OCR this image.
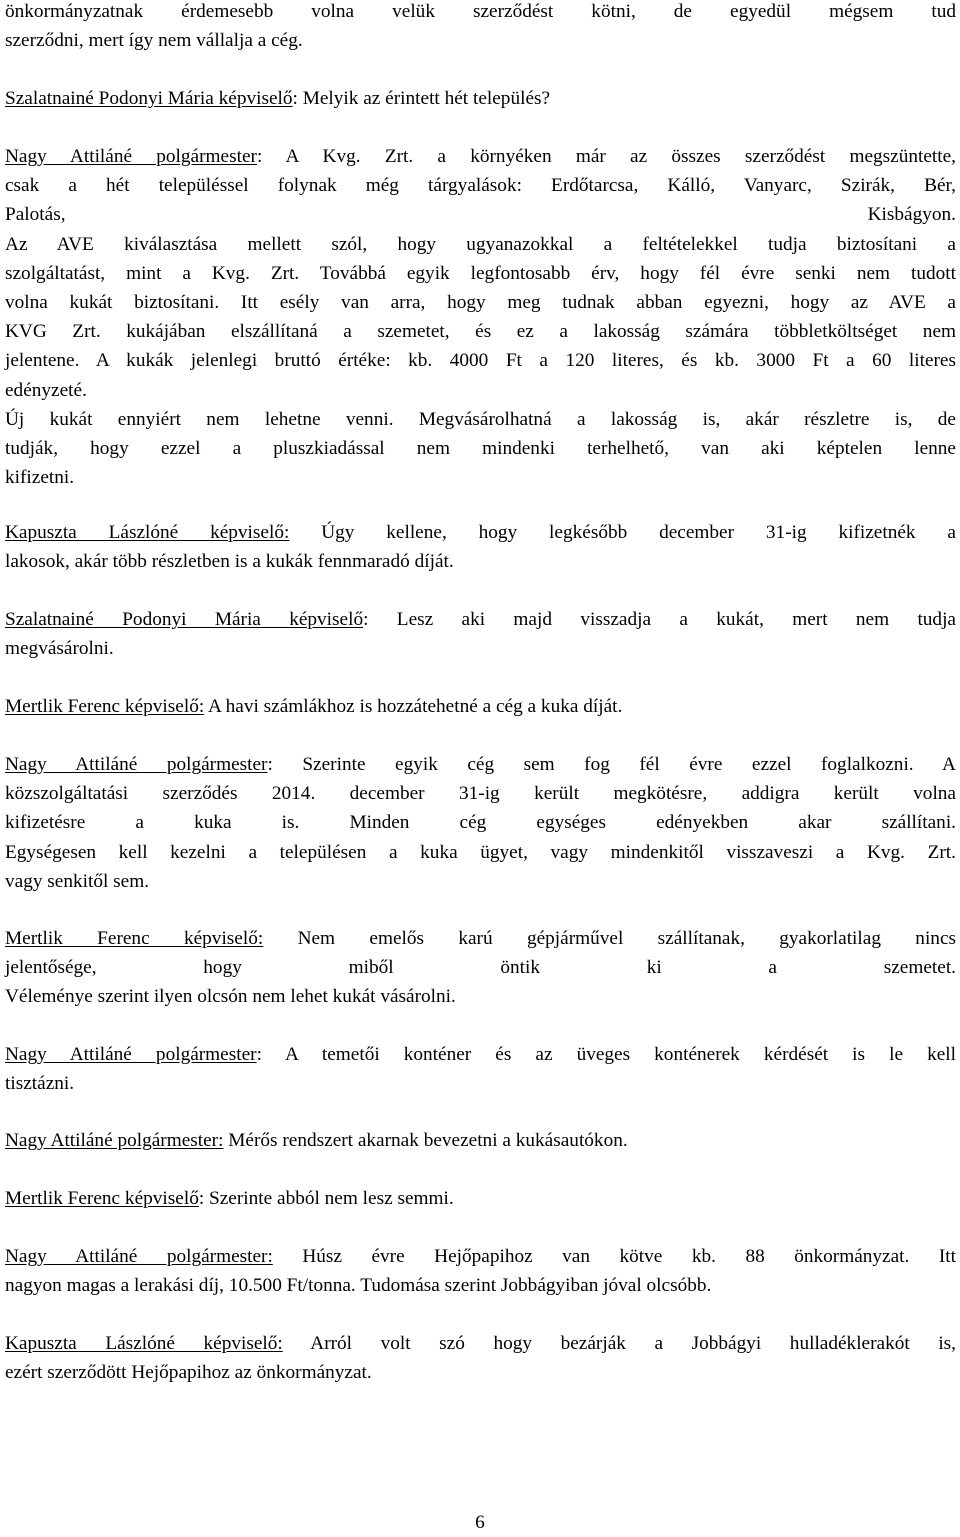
önkormányzatnak érdemesebb volna velük szerződést kötni, de egyedül mégsem tud
szerződni, mert így nem vállalja a cég.
Szalatnainé Podonyi Mária képviselő: Melyik az érintett hét település?
Nagy Attiláné polgármester: A Kvg. Zrt. a környéken már az összes szerződést megszüntette,
csak a hét településsel folynak még tárgyalások: Erdőtarcsa, Kálló, Vanyarc, Szirák, Bér,
Palotás, Kisbágyon.
Az AVE kiválasztása mellett szól, hogy ugyanazokkal a feltételekkel tudja biztosítani a
szolgáltatást, mint a Kvg. Zrt. Továbbá egyik legfontosabb érv, hogy fél évre senki nem tudott
volna kukát biztosítani. Itt esély van arra, hogy meg tudnak abban egyezni, hogy az AVE a
KVG Zrt. kukájában elszállítaná a szemetet, és ez a lakosság számára többletköltséget nem
jelentene. A kukák jelenlegi bruttó értéke: kb. 4000 Ft a 120 literes, és kb. 3000 Ft a 60 literes
edényzeté.
Új kukát ennyiért nem lehetne venni. Megvásárolhatná a lakosság is, akár részletre is, de
tudják, hogy ezzel a pluszkiadással nem mindenki terhelhető, van aki képtelen lenne
kifizetni.
Kapuszta Lászlóné képviselő: Úgy kellene, hogy legkésőbb december 31-ig kifizetnék a
lakosok, akár több részletben is a kukák fennmaradó díját.
Szalatnainé Podonyi Mária képviselő: Lesz aki majd visszadja a kukát, mert nem tudja
megvásárolni.
Mertlik Ferenc képviselő: A havi számlákhoz is hozzátehetné a cég a kuka díját.
Nagy Attiláné polgármester: Szerinte egyik cég sem fog fél évre ezzel foglalkozni. A
közszolgáltatási szerződés 2014. december 31-ig került megkötésre, addigra került volna
kifizetésre a kuka is. Minden cég egységes edényekben akar szállítani.
Egységesen kell kezelni a településen a kuka ügyet, vagy mindenkitől visszaveszi a Kvg. Zrt.
vagy senkitől sem.
Mertlik Ferenc képviselő: Nem emelős karú gépjárművel szállítanak, gyakorlatilag nincs
jelentősége, hogy miből öntik ki a szemetet.
Véleménye szerint ilyen olcsón nem lehet kukát vásárolni.
Nagy Attiláné polgármester: A temetői konténer és az üveges konténerek kérdését is le kell
tisztázni.
Nagy Attiláné polgármester: Mérős rendszert akarnak bevezetni a kukásautókon.
Mertlik Ferenc képviselő: Szerinte abból nem lesz semmi.
Nagy Attiláné polgármester: Húsz évre Hejőpapihoz van kötve kb. 88 önkormányzat. Itt
nagyon magas a lerakási díj, 10.500 Ft/tonna. Tudomása szerint Jobbágyiban jóval olcsóbb.
Kapuszta Lászlóné képviselő: Arról volt szó hogy bezárják a Jobbágyi hulladéklerakót is,
ezért szerződött Hejőpapihoz az önkormányzat.
6
